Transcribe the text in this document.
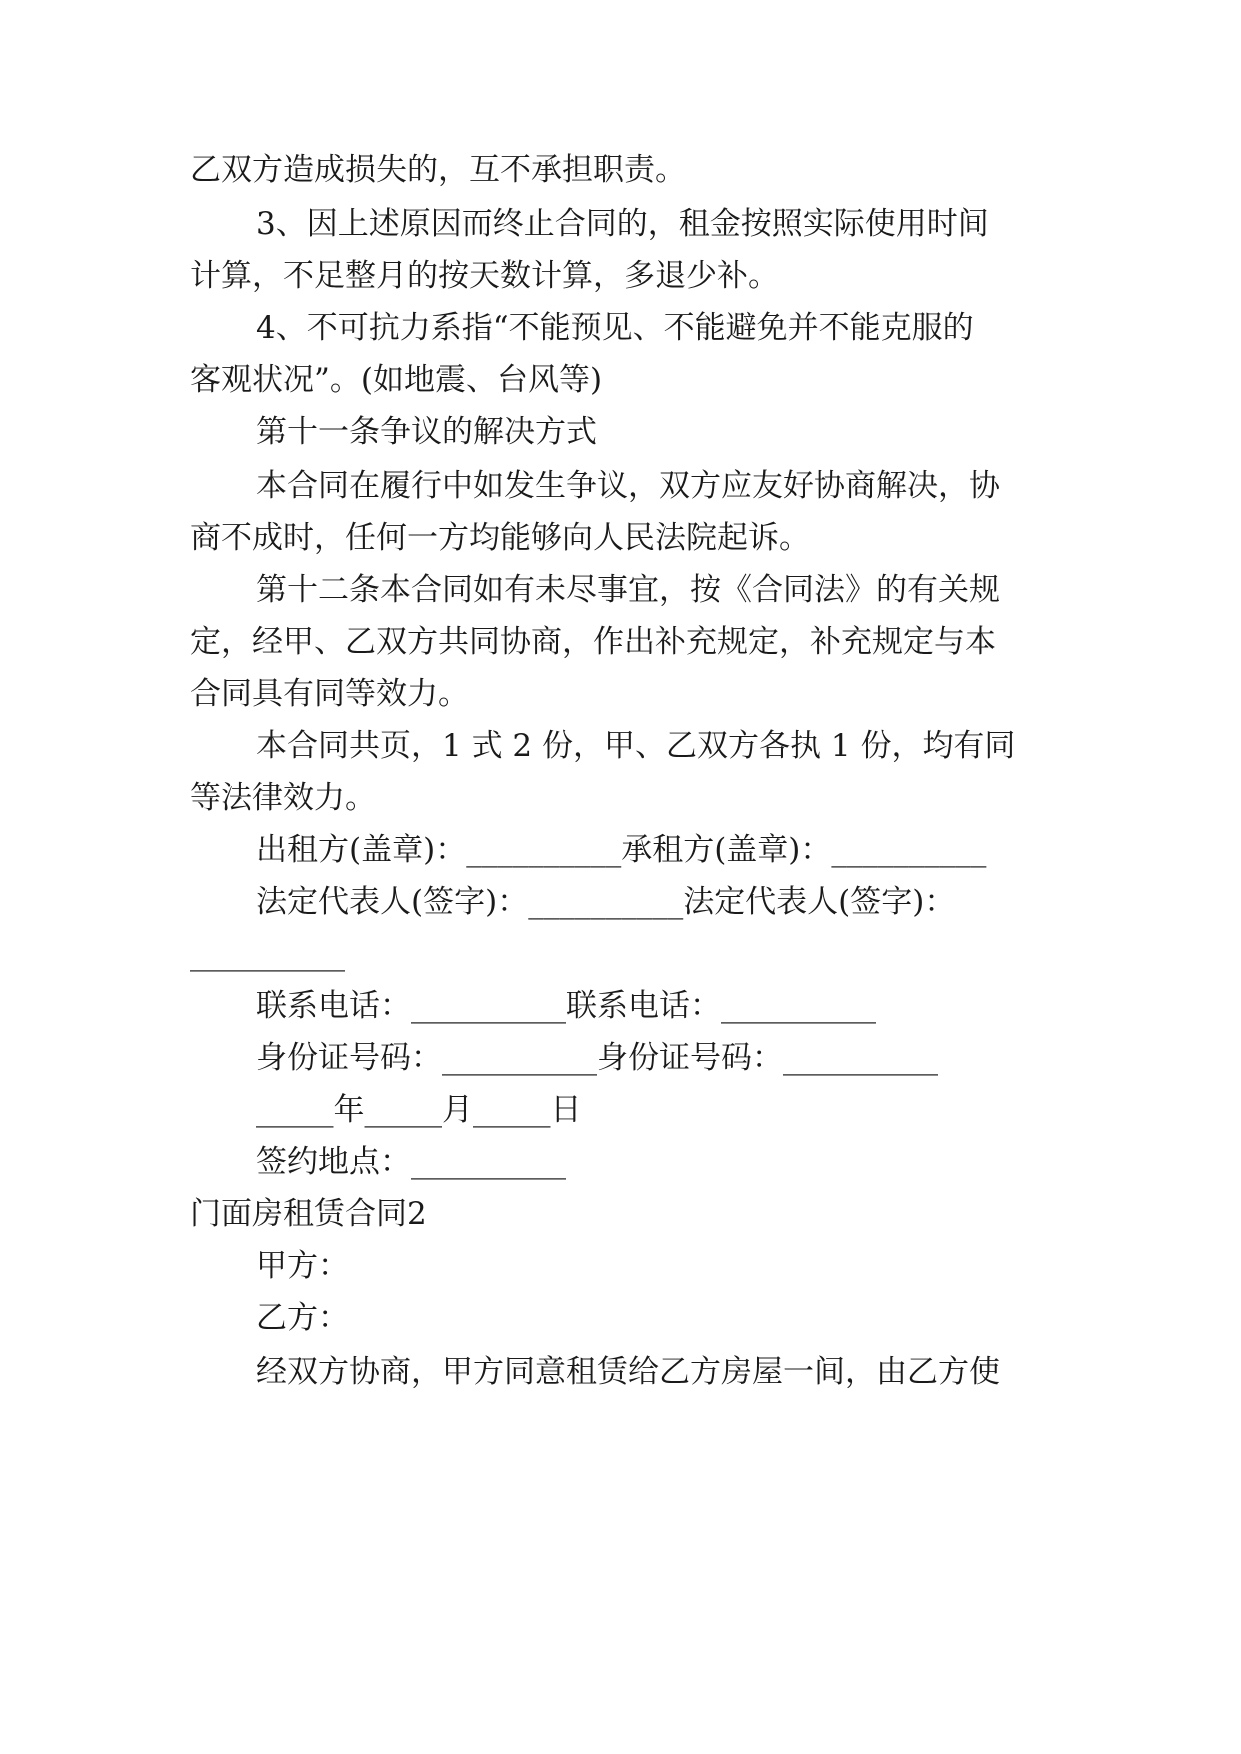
乙双方造成损失的，互不承担职责。
3、因上述原因而终止合同的，租金按照实际使用时间
计算，不足整月的按天数计算，多退少补。
4、不可抗力系指“不能预见、不能避免并不能克服的
客观状况”。(如地震、台风等)
第十一条争议的解决方式
本合同在履行中如发生争议，双方应友好协商解决，协
商不成时，任何一方均能够向人民法院起诉。
第十二条本合同如有未尽事宜，按《合同法》的有关规
定，经甲、乙双方共同协商，作出补充规定，补充规定与本
合同具有同等效力。
本合同共页，1 式 2 份，甲、乙双方各执 1 份，均有同
等法律效力。
出租方(盖章)：__________承租方(盖章)：__________
法定代表人(签字)：__________法定代表人(签字)：
__________
联系电话：__________联系电话：__________
身份证号码：__________身份证号码：__________
_____年_____月_____日
签约地点：__________
门面房租赁合同2
甲方：
乙方：
经双方协商，甲方同意租赁给乙方房屋一间，由乙方使
